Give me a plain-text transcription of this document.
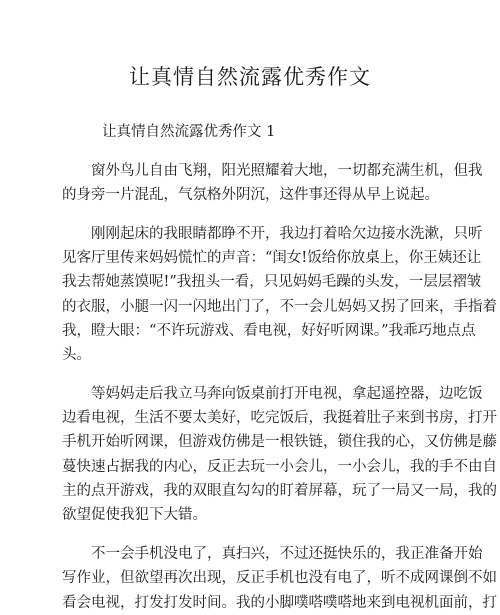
让真情自然流露优秀作文

让真情自然流露优秀作文 1

窗外鸟儿自由飞翔，阳光照耀着大地，一切都充满生机，但我
的身旁一片混乱，气氛格外阴沉，这件事还得从早上说起。

刚刚起床的我眼睛都睁不开，我边打着哈欠边接水洗漱，只听
见客厅里传来妈妈慌忙的声音：“闺女!饭给你放桌上，你王姨还让
我去帮她蒸馍呢!”我扭头一看，只见妈妈毛躁的头发，一层层褶皱
的衣服，小腿一闪一闪地出门了，不一会儿妈妈又拐了回来，手指着
我，瞪大眼：“不许玩游戏、看电视，好好听网课。”我乖巧地点点
头。

等妈妈走后我立马奔向饭桌前打开电视，拿起遥控器，边吃饭
边看电视，生活不要太美好，吃完饭后，我挺着肚子来到书房，打开
手机开始听网课，但游戏仿佛是一根铁链，锁住我的心，又仿佛是藤
蔓快速占据我的内心，反正去玩一小会儿，一小会儿，我的手不由自
主的点开游戏，我的双眼直勾勾的盯着屏幕，玩了一局又一局，我的
欲望促使我犯下大错。

不一会手机没电了，真扫兴，不过还挺快乐的，我正准备开始
写作业，但欲望再次出现，反正手机也没有电了，听不成网课倒不如
看会电视，打发打发时间。我的小脚噗嗒噗嗒地来到电视机面前，打
